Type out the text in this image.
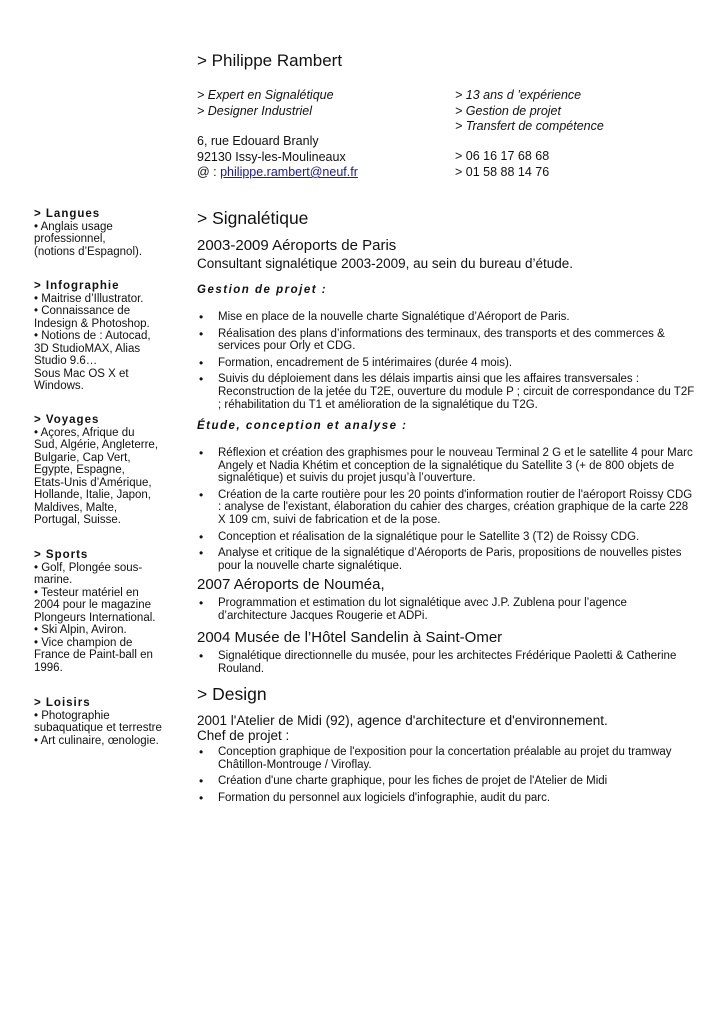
> Philippe Rambert
> Expert en Signalétique
> Designer Industriel
> 13 ans d ’expérience
> Gestion de projet
> Transfert de compétence
6, rue Edouard Branly
92130 Issy-les-Moulineaux
@ : philippe.rambert@neuf.fr
> 06 16 17 68 68
> 01 58 88 14 76
> Langues
• Anglais usage
professionnel,
(notions d’Espagnol).
> Infographie
• Maitrise d’Illustrator.
• Connaissance de
Indesign & Photoshop.
• Notions de : Autocad,
3D StudioMAX, Alias
Studio 9.6…
Sous Mac OS X et
Windows.
> Voyages
• Açores, Afrique du
Sud, Algérie, Angleterre,
Bulgarie, Cap Vert,
Egypte, Espagne,
Etats-Unis d’Amérique,
Hollande, Italie, Japon,
Maldives, Malte,
Portugal, Suisse.
> Sports
• Golf, Plongée sous-
marine.
• Testeur matériel en
2004 pour le magazine
Plongeurs International.
• Ski Alpin, Aviron.
• Vice champion de
France de Paint-ball en
1996.
> Loisirs
• Photographie
subaquatique et terrestre
• Art culinaire, œnologie.
> Signalétique
2003-2009 Aéroports de Paris
Consultant signalétique 2003-2009, au sein du bureau d’étude.
Gestion de projet :
• Mise en place de la nouvelle charte Signalétique d’Aéroport de Paris.
• Réalisation des plans d’informations des terminaux, des transports et des commerces & services pour Orly et CDG.
• Formation, encadrement de 5 intérimaires (durée 4 mois).
• Suivis du déploiement dans les délais impartis ainsi que les affaires transversales : Reconstruction de la jetée du T2E, ouverture du module P ; circuit de correspondance du T2F ; réhabilitation du T1 et amélioration de la signalétique du T2G.
Étude, conception et analyse :
• Réflexion et création des graphismes pour le nouveau Terminal 2 G et le satellite 4 pour Marc Angely et Nadia Khétim et conception de la signalétique du Satellite 3 (+ de 800 objets de signalétique) et suivis du projet jusqu’à l’ouverture.
• Création de la carte routière pour les 20 points d'information routier de l'aéroport Roissy CDG : analyse de l'existant, élaboration du cahier des charges, création graphique de la carte 228 X 109 cm, suivi de fabrication et de la pose.
• Conception et réalisation de la signalétique pour le Satellite 3 (T2) de Roissy CDG.
• Analyse et critique de la signalétique d’Aéroports de Paris, propositions de nouvelles pistes pour la nouvelle charte signalétique.
2007 Aéroports de Nouméa,
• Programmation et estimation du lot signalétique avec J.P. Zublena pour l’agence d’architecture Jacques Rougerie et ADPi.
2004 Musée de l’Hôtel Sandelin à Saint-Omer
• Signalétique directionnelle du musée, pour les architectes Frédérique Paoletti & Catherine Rouland.
> Design
2001 l'Atelier de Midi (92), agence d'architecture et d'environnement.
Chef de projet :
• Conception graphique de l'exposition pour la concertation préalable au projet du tramway Châtillon-Montrouge / Viroflay.
• Création d'une charte graphique, pour les fiches de projet de l'Atelier de Midi
• Formation du personnel aux logiciels d'infographie, audit du parc.
